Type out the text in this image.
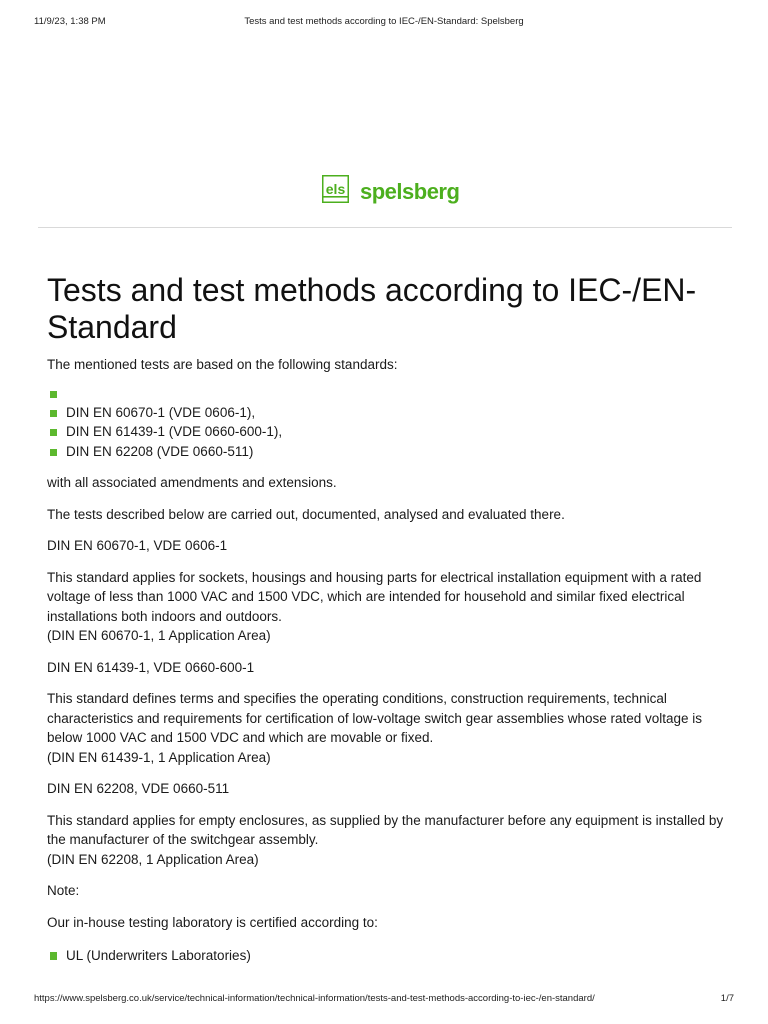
11/9/23, 1:38 PM	Tests and test methods according to IEC-/EN-Standard: Spelsberg
els spelsberg
Tests and test methods according to IEC-/EN-Standard

The mentioned tests are based on the following standards:

DIN EN 60670-1 (VDE 0606-1),
DIN EN 61439-1 (VDE 0660-600-1),
DIN EN 62208 (VDE 0660-511)

with all associated amendments and extensions.

The tests described below are carried out, documented, analysed and evaluated there.

DIN EN 60670-1, VDE 0606-1

This standard applies for sockets, housings and housing parts for electrical installation equipment with a rated voltage of less than 1000 VAC and 1500 VDC, which are intended for household and similar fixed electrical installations both indoors and outdoors.
(DIN EN 60670-1, 1 Application Area)

DIN EN 61439-1, VDE 0660-600-1

This standard defines terms and specifies the operating conditions, construction requirements, technical characteristics and requirements for certification of low-voltage switch gear assemblies whose rated voltage is below 1000 VAC and 1500 VDC and which are movable or fixed.
(DIN EN 61439-1, 1 Application Area)

DIN EN 62208, VDE 0660-511

This standard applies for empty enclosures, as supplied by the manufacturer before any equipment is installed by the manufacturer of the switchgear assembly.
(DIN EN 62208, 1 Application Area)

Note:

Our in-house testing laboratory is certified according to:

UL (Underwriters Laboratories)
https://www.spelsberg.co.uk/service/technical-information/technical-information/tests-and-test-methods-according-to-iec-/en-standard/	1/7
